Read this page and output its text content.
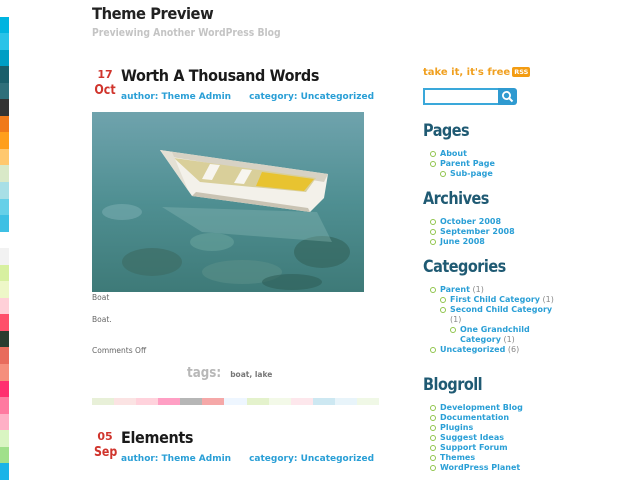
Theme Preview
Previewing Another WordPress Blog
17
Oct
Worth A Thousand Words
author: Theme Admin category: Uncategorized
Boat
Boat.
Comments Off
tags: boat, lake
05
Sep
Elements
author: Theme Admin category: Uncategorized
take it, it's free RSS
Pages
About
Parent Page
Sub-page
Archives
October 2008
September 2008
June 2008
Categories
Parent (1)
First Child Category (1)
Second Child Category (1)
One Grandchild Category (1)
Uncategorized (6)
Blogroll
Development Blog
Documentation
Plugins
Suggest Ideas
Support Forum
Themes
WordPress Planet
